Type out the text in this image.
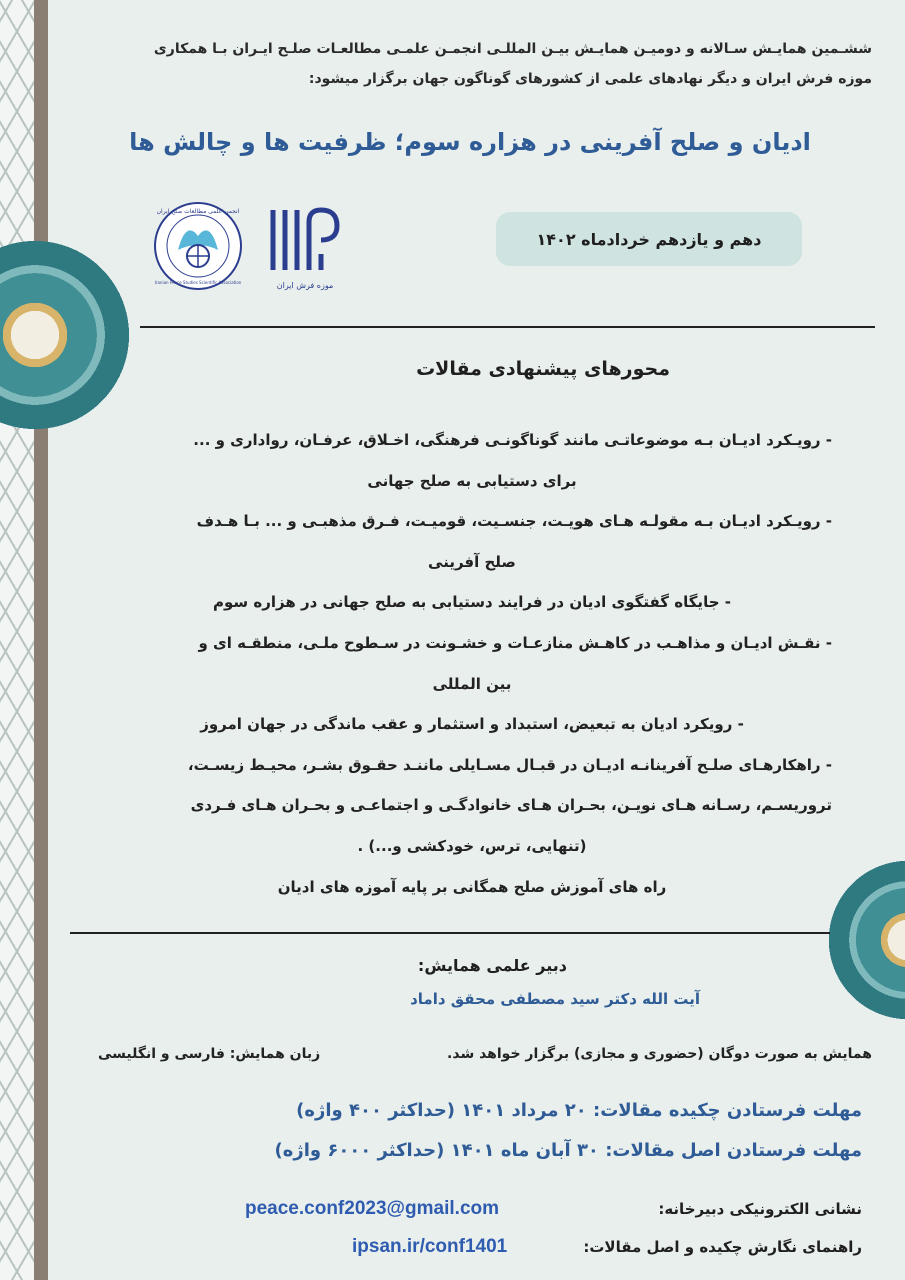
ششـمین همایـش سـالانه و دومیـن همایـش بیـن المللـی انجمـن علمـی مطالعـات صلـح ایـران بـا همکاری
موزه فرش ایران و دیگر نهادهای علمی از کشورهای گوناگون جهان برگزار میشود:
ادیان و صلح آفرینی در هزاره سوم؛ ظرفیت ها و چالش ها
دهم و یازدهم خردادماه ۱۴۰۲
موزه فرش ایران
انجمن علمی مطالعات صلح ایران
Iranian Peace Studies Scientific Association
محورهای پیشنهادی مقالات

- رویـکرد ادیـان بـه موضوعاتـی مانند گوناگونـی فرهنگی، اخـلاق، عرفـان، رواداری و ...

برای دستیابی به صلح جهانی

- رویـکرد ادیـان بـه مقولـه هـای هویـت، جنسـیت، قومیـت، فـرق مذهبـی و ... بـا هـدف

صلح آفرینی

- جایگاه گفتگوی ادیان در فرایند دستیابی به صلح جهانی در هزاره سوم

- نقـش ادیـان و مذاهـب در کاهـش منازعـات و خشـونت در سـطوح ملـی، منطقـه ای و

بین المللی

- رویکرد ادیان به تبعیض، استبداد و استثمار و عقب ماندگی در جهان امروز

- راهکارهـای صلـح آفرینانـه ادیـان در قبـال مسـایلی ماننـد حقـوق بشـر، محیـط زیسـت،

تروریسـم، رسـانه هـای نویـن، بحـران هـای خانوادگـی و اجتماعـی و بحـران هـای فـردی

(تنهایی، ترس، خودکشی و...) .

راه های آموزش صلح همگانی بر پایه آموزه های ادیان

دبیر علمی همایش:
آیت الله دکتر سید مصطفی محقق داماد
همایش به صورت دوگان (حضوری و مجازی) برگزار خواهد شد.
زبان همایش: فارسی و انگلیسی
مهلت فرستادن چکیده مقالات: ۲۰ مرداد ۱۴۰۱ (حداکثر ۴۰۰ واژه)
مهلت فرستادن اصل مقالات: ۳۰ آبان ماه ۱۴۰۱ (حداکثر ۶۰۰۰ واژه)
نشانی الکترونیکی دبیرخانه:
راهنمای نگارش چکیده و اصل مقالات:
peace.conf2023@gmail.com
ipsan.ir/conf1401
